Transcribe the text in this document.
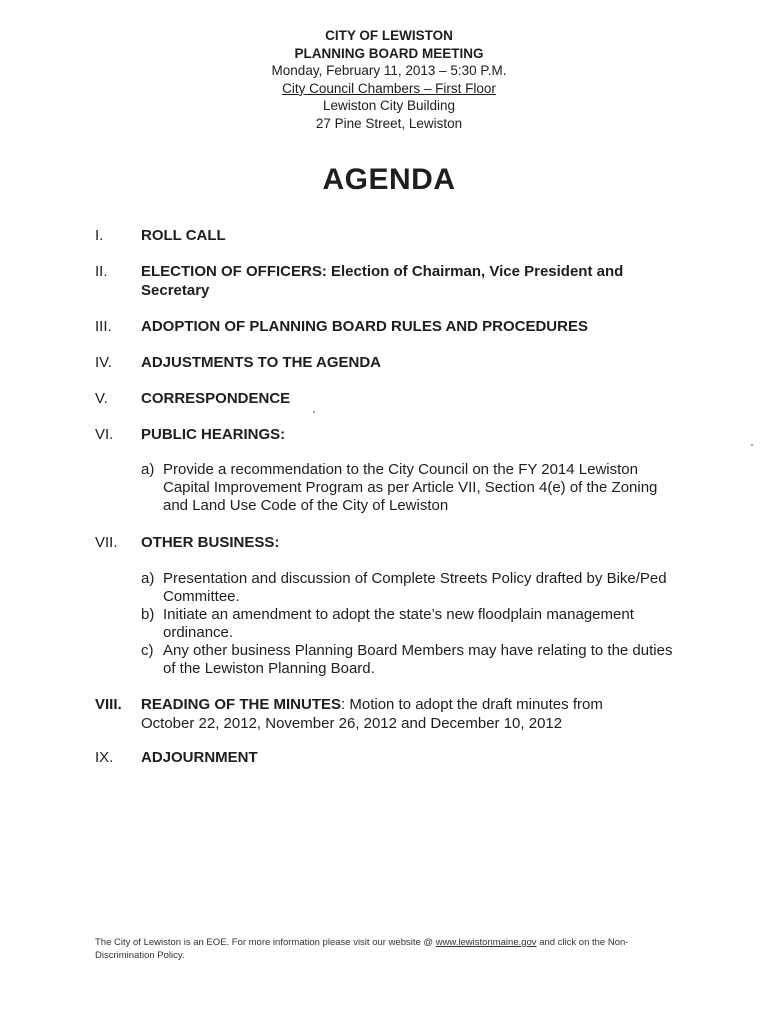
CITY OF LEWISTON
PLANNING BOARD MEETING
Monday, February 11, 2013 – 5:30 P.M.
City Council Chambers – First Floor
Lewiston City Building
27 Pine Street, Lewiston
AGENDA
I.	ROLL CALL
II.	ELECTION OF OFFICERS: Election of Chairman, Vice President and
Secretary
III.	ADOPTION OF PLANNING BOARD RULES AND PROCEDURES
IV.	ADJUSTMENTS TO THE AGENDA
V.	CORRESPONDENCE
VI.	PUBLIC HEARINGS:
a) Provide a recommendation to the City Council on the FY 2014 Lewiston
Capital Improvement Program as per Article VII, Section 4(e) of the Zoning
and Land Use Code of the City of Lewiston
VII.	OTHER BUSINESS:
a) Presentation and discussion of Complete Streets Policy drafted by Bike/Ped
Committee.
b) Initiate an amendment to adopt the state’s new floodplain management
ordinance.
c) Any other business Planning Board Members may have relating to the duties
of the Lewiston Planning Board.
VIII.	READING OF THE MINUTES: Motion to adopt the draft minutes from
October 22, 2012, November 26, 2012 and December 10, 2012
IX.	ADJOURNMENT
The City of Lewiston is an EOE. For more information please visit our website @ www.lewistonmaine.gov and click on the Non-
Discrimination Policy.
